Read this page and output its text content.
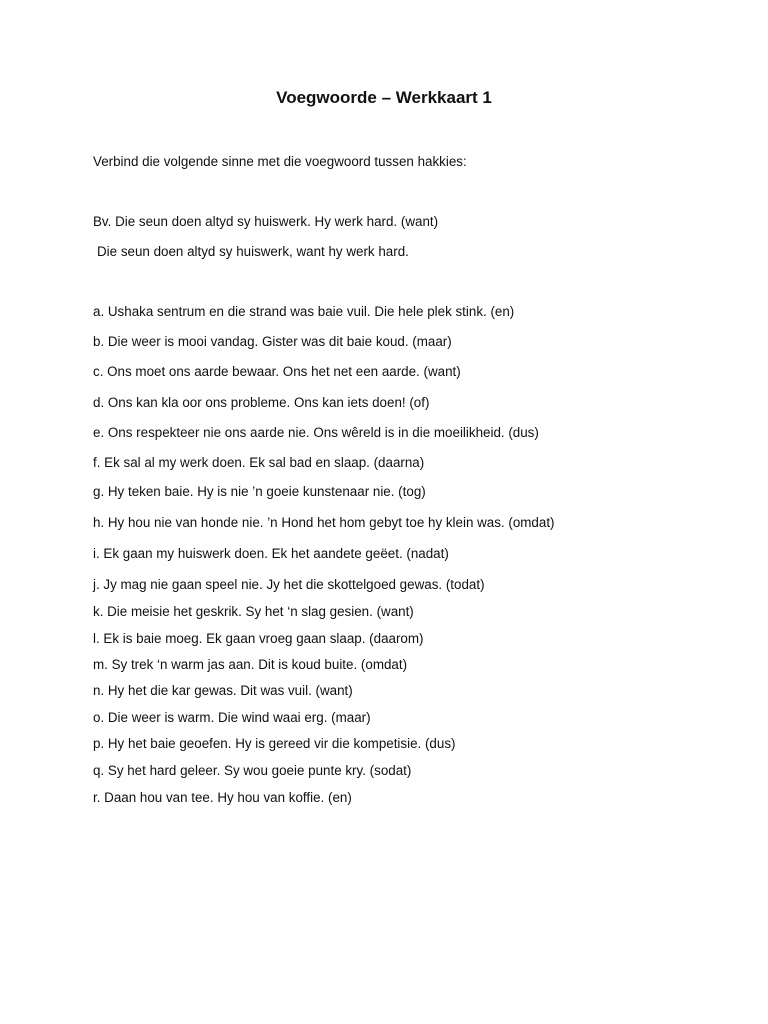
Voegwoorde – Werkkaart 1
Verbind die volgende sinne met die voegwoord tussen hakkies:
Bv. Die seun doen altyd sy huiswerk. Hy werk hard. (want)
Die seun doen altyd sy huiswerk, want hy werk hard.
a. Ushaka sentrum en die strand was baie vuil. Die hele plek stink. (en)
b. Die weer is mooi vandag. Gister was dit baie koud. (maar)
c. Ons moet ons aarde bewaar. Ons het net een aarde. (want)
d. Ons kan kla oor ons probleme. Ons kan iets doen! (of)
e. Ons respekteer nie ons aarde nie. Ons wêreld is in die moeilikheid. (dus)
f. Ek sal al my werk doen. Ek sal bad en slaap. (daarna)
g. Hy teken baie. Hy is nie ’n goeie kunstenaar nie. (tog)
h. Hy hou nie van honde nie. ’n Hond het hom gebyt toe hy klein was. (omdat)
i. Ek gaan my huiswerk doen. Ek het aandete geëet. (nadat)
j. Jy mag nie gaan speel nie. Jy het die skottelgoed gewas. (todat)
k. Die meisie het geskrik. Sy het ‘n slag gesien. (want)
l. Ek is baie moeg. Ek gaan vroeg gaan slaap. (daarom)
m. Sy trek ‘n warm jas aan. Dit is koud buite. (omdat)
n. Hy het die kar gewas. Dit was vuil. (want)
o. Die weer is warm. Die wind waai erg. (maar)
p. Hy het baie geoefen. Hy is gereed vir die kompetisie. (dus)
q. Sy het hard geleer. Sy wou goeie punte kry. (sodat)
r. Daan hou van tee. Hy hou van koffie. (en)
